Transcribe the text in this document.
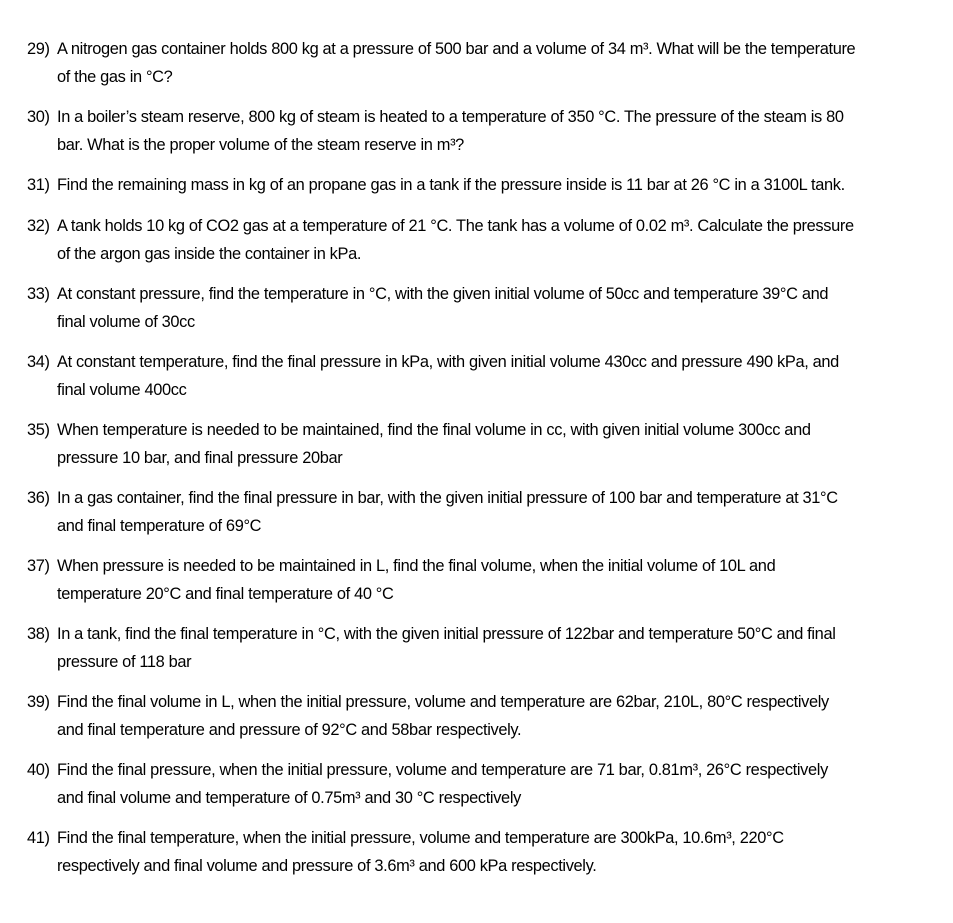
29) A nitrogen gas container holds 800 kg at a pressure of 500 bar and a volume of 34 m³. What will be the temperature
of the gas in °C?
30) In a boiler’s steam reserve, 800 kg of steam is heated to a temperature of 350 °C. The pressure of the steam is 80
bar. What is the proper volume of the steam reserve in m³?
31) Find the remaining mass in kg of an propane gas in a tank if the pressure inside is 11 bar at 26 °C in a 3100L tank.
32) A tank holds 10 kg of CO2 gas at a temperature of 21 °C. The tank has a volume of 0.02 m³. Calculate the pressure
of the argon gas inside the container in kPa.
33) At constant pressure, find the temperature in °C, with the given initial volume of 50cc and temperature 39°C and
final volume of 30cc
34) At constant temperature, find the final pressure in kPa, with given initial volume 430cc and pressure 490 kPa, and
final volume 400cc
35) When temperature is needed to be maintained, find the final volume in cc, with given initial volume 300cc and
pressure 10 bar, and final pressure 20bar
36) In a gas container, find the final pressure in bar, with the given initial pressure of 100 bar and temperature at 31°C
and final temperature of 69°C
37) When pressure is needed to be maintained in L, find the final volume, when the initial volume of 10L and
temperature 20°C and final temperature of 40 °C
38) In a tank, find the final temperature in °C, with the given initial pressure of 122bar and temperature 50°C and final
pressure of 118 bar
39) Find the final volume in L, when the initial pressure, volume and temperature are 62bar, 210L, 80°C respectively
and final temperature and pressure of 92°C and 58bar respectively.
40) Find the final pressure, when the initial pressure, volume and temperature are 71 bar, 0.81m³, 26°C respectively
and final volume and temperature of 0.75m³ and 30 °C respectively
41) Find the final temperature, when the initial pressure, volume and temperature are 300kPa, 10.6m³, 220°C
respectively and final volume and pressure of 3.6m³ and 600 kPa respectively.
